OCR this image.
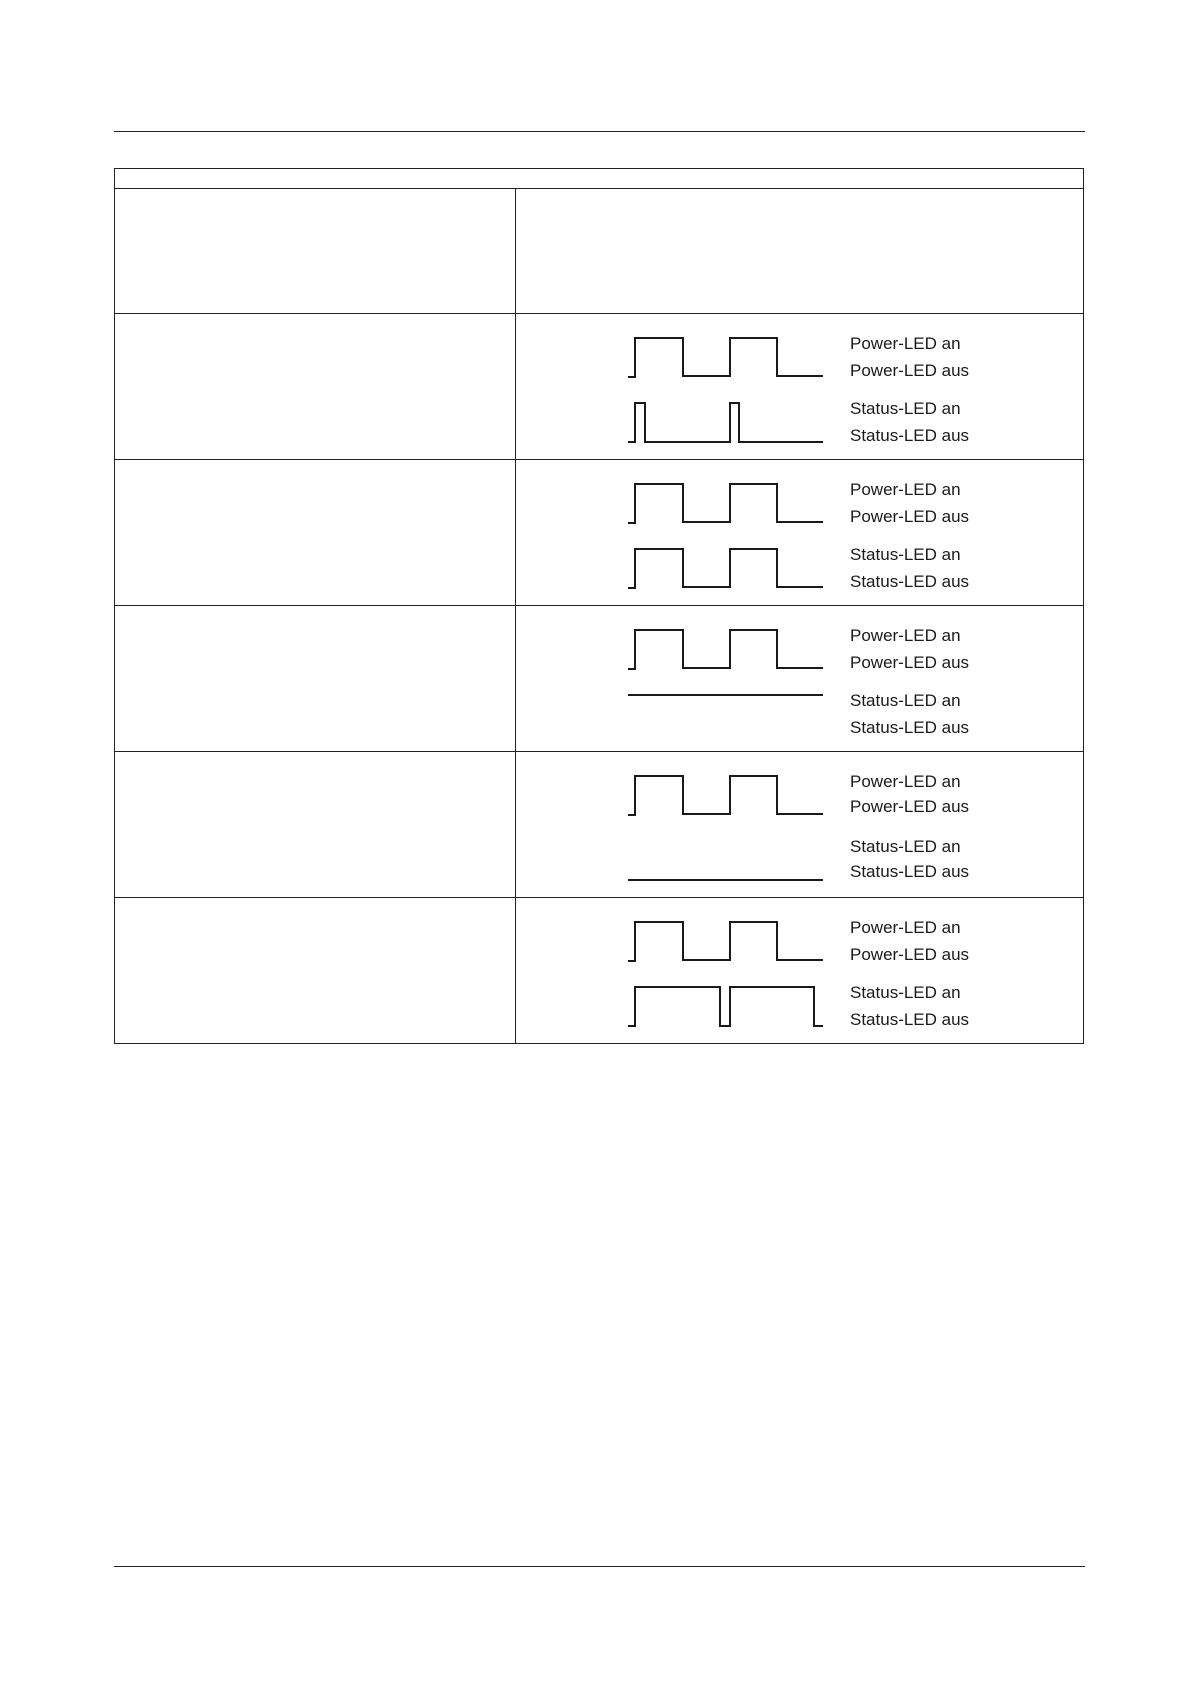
Power-LED an
Power-LED aus
Status-LED an
Status-LED aus
Power-LED an
Power-LED aus
Status-LED an
Status-LED aus
Power-LED an
Power-LED aus
Status-LED an
Status-LED aus
Power-LED an
Power-LED aus
Status-LED an
Status-LED aus
Power-LED an
Power-LED aus
Status-LED an
Status-LED aus
